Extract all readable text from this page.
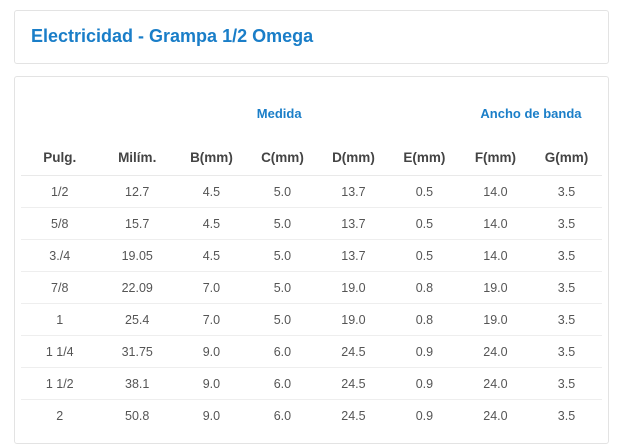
Electricidad - Grampa 1/2 Omega
	Medida					Ancho de banda	
Pulg.	Milím.	B(mm)	C(mm)	D(mm)	E(mm)	F(mm)	G(mm)
1/2	12.7	4.5	5.0	13.7	0.5	14.0	3.5
5/8	15.7	4.5	5.0	13.7	0.5	14.0	3.5
3./4	19.05	4.5	5.0	13.7	0.5	14.0	3.5
7/8	22.09	7.0	5.0	19.0	0.8	19.0	3.5
1	25.4	7.0	5.0	19.0	0.8	19.0	3.5
1 1/4	31.75	9.0	6.0	24.5	0.9	24.0	3.5
1 1/2	38.1	9.0	6.0	24.5	0.9	24.0	3.5
2	50.8	9.0	6.0	24.5	0.9	24.0	3.5
